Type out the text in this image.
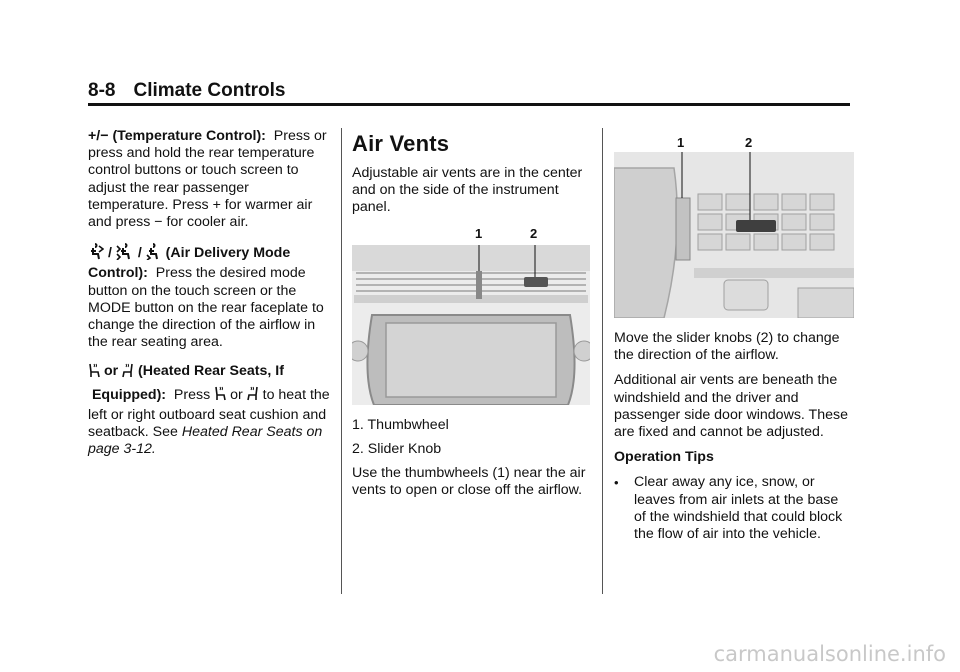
8-8 Climate Controls

+/− (Temperature Control): Press or press and hold the rear temperature control buttons or touch screen to adjust the rear passenger temperature. Press + for warmer air and press − for cooler air.

/ / (Air Delivery Mode Control): Press the desired mode button on the touch screen or the MODE button on the rear faceplate to change the direction of the airflow in the rear seating area.

or (Heated Rear Seats, If
Equipped): Press or to heat the left or right outboard seat cushion and seatback. See Heated Rear Seats on page 3-12.

Air Vents

Adjustable air vents are in the center and on the side of the instrument panel.

1	2
1. Thumbwheel
2. Slider Knob

Use the thumbwheels (1) near the air vents to open or close off the airflow.

1	2

Move the slider knobs (2) to change the direction of the airflow.

Additional air vents are beneath the windshield and the driver and passenger side door windows. These are fixed and cannot be adjusted.

Operation Tips

•	Clear away any ice, snow, or leaves from air inlets at the base of the windshield that could block the flow of air into the vehicle.
carmanualsonline.info
